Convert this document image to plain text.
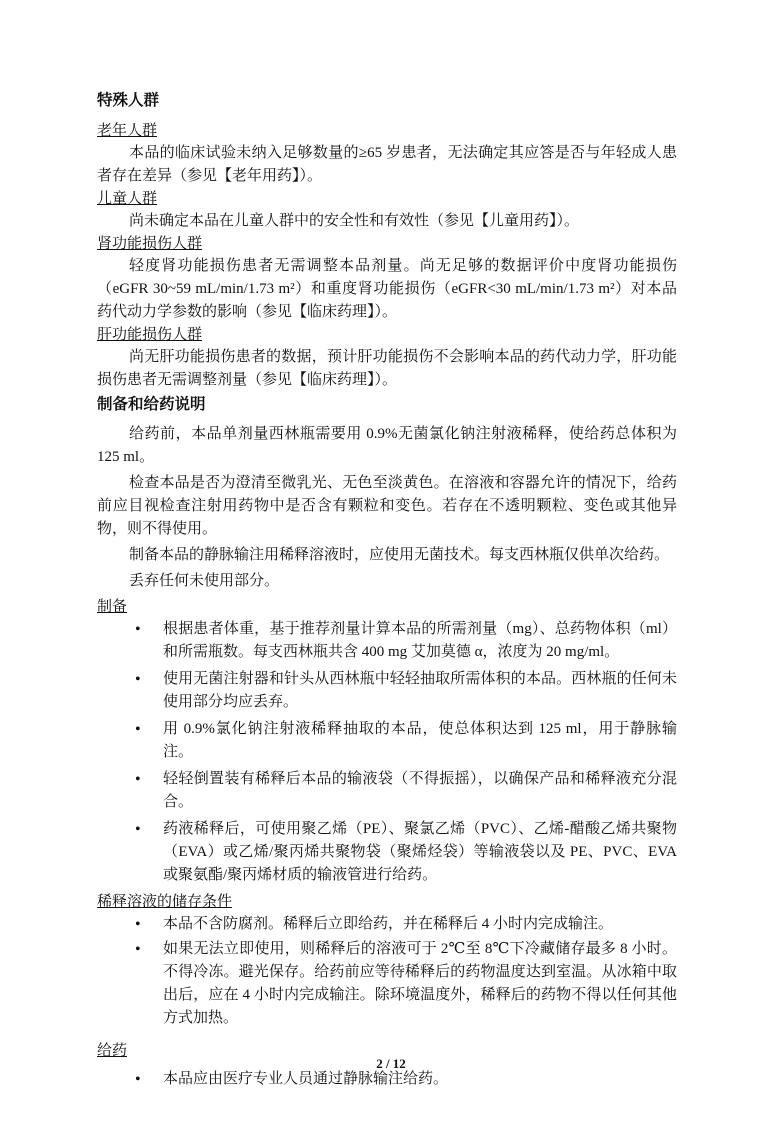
特殊人群

老年人群

本品的临床试验未纳入足够数量的≥65 岁患者，无法确定其应答是否与年轻成人患者存在差异（参见【老年用药】）。

儿童人群

尚未确定本品在儿童人群中的安全性和有效性（参见【儿童用药】）。

肾功能损伤人群

轻度肾功能损伤患者无需调整本品剂量。尚无足够的数据评价中度肾功能损伤（eGFR 30~59 mL/min/1.73 m²）和重度肾功能损伤（eGFR<30 mL/min/1.73 m²）对本品药代动力学参数的影响（参见【临床药理】）。

肝功能损伤人群

尚无肝功能损伤患者的数据，预计肝功能损伤不会影响本品的药代动力学，肝功能损伤患者无需调整剂量（参见【临床药理】）。

制备和给药说明

给药前，本品单剂量西林瓶需要用 0.9%无菌氯化钠注射液稀释，使给药总体积为 125 ml。

检查本品是否为澄清至微乳光、无色至淡黄色。在溶液和容器允许的情况下，给药前应目视检查注射用药物中是否含有颗粒和变色。若存在不透明颗粒、变色或其他异物，则不得使用。

制备本品的静脉输注用稀释溶液时，应使用无菌技术。每支西林瓶仅供单次给药。

丢弃任何未使用部分。

制备

• 根据患者体重，基于推荐剂量计算本品的所需剂量（mg）、总药物体积（ml）和所需瓶数。每支西林瓶共含 400 mg 艾加莫德 α，浓度为 20 mg/ml。
• 使用无菌注射器和针头从西林瓶中轻轻抽取所需体积的本品。西林瓶的任何未使用部分均应丢弃。
• 用 0.9%氯化钠注射液稀释抽取的本品，使总体积达到 125 ml，用于静脉输注。
• 轻轻倒置装有稀释后本品的输液袋（不得振摇），以确保产品和稀释液充分混合。
• 药液稀释后，可使用聚乙烯（PE）、聚氯乙烯（PVC）、乙烯-醋酸乙烯共聚物（EVA）或乙烯/聚丙烯共聚物袋（聚烯烃袋）等输液袋以及 PE、PVC、EVA 或聚氨酯/聚丙烯材质的输液管进行给药。

稀释溶液的储存条件

• 本品不含防腐剂。稀释后立即给药，并在稀释后 4 小时内完成输注。
• 如果无法立即使用，则稀释后的溶液可于 2℃至 8℃下冷藏储存最多 8 小时。不得冷冻。避光保存。给药前应等待稀释后的药物温度达到室温。从冰箱中取出后，应在 4 小时内完成输注。除环境温度外，稀释后的药物不得以任何其他方式加热。

给药

• 本品应由医疗专业人员通过静脉输注给药。
2 / 12
